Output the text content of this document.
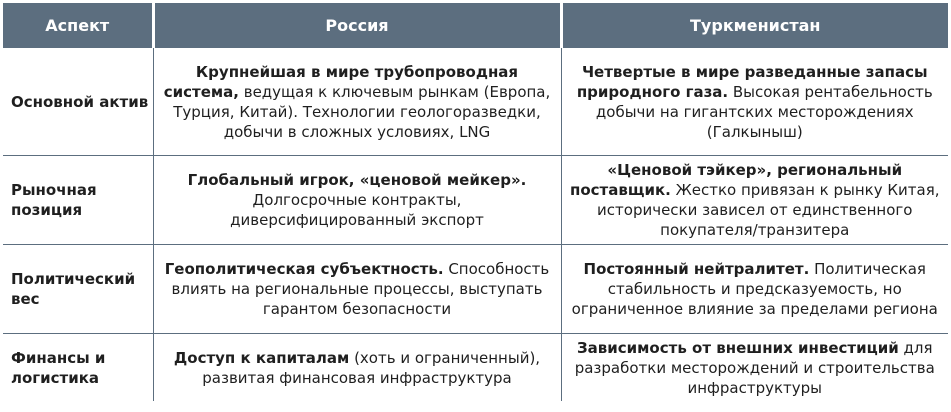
Аспект	Россия	Туркменистан
Основной актив	Крупнейшая в мире трубопроводная система, ведущая к ключевым рынкам (Европа, Турция, Китай). Технологии геологоразведки, добычи в сложных условиях, LNG	Четвертые в мире разведанные запасы природного газа. Высокая рентабельность добычи на гигантских месторождениях (Галкыныш)
Рыночная позиция	Глобальный игрок, «ценовой мейкер». Долгосрочные контракты, диверсифицированный экспорт	«Ценовой тэйкер», региональный поставщик. Жестко привязан к рынку Китая, исторически зависел от единственного покупателя/транзитера
Политический вес	Геополитическая субъектность. Способность влиять на региональные процессы, выступать гарантом безопасности	Постоянный нейтралитет. Политическая стабильность и предсказуемость, но ограниченное влияние за пределами региона
Финансы и логистика	Доступ к капиталам (хоть и ограниченный), развитая финансовая инфраструктура	Зависимость от внешних инвестиций для разработки месторождений и строительства инфраструктуры
